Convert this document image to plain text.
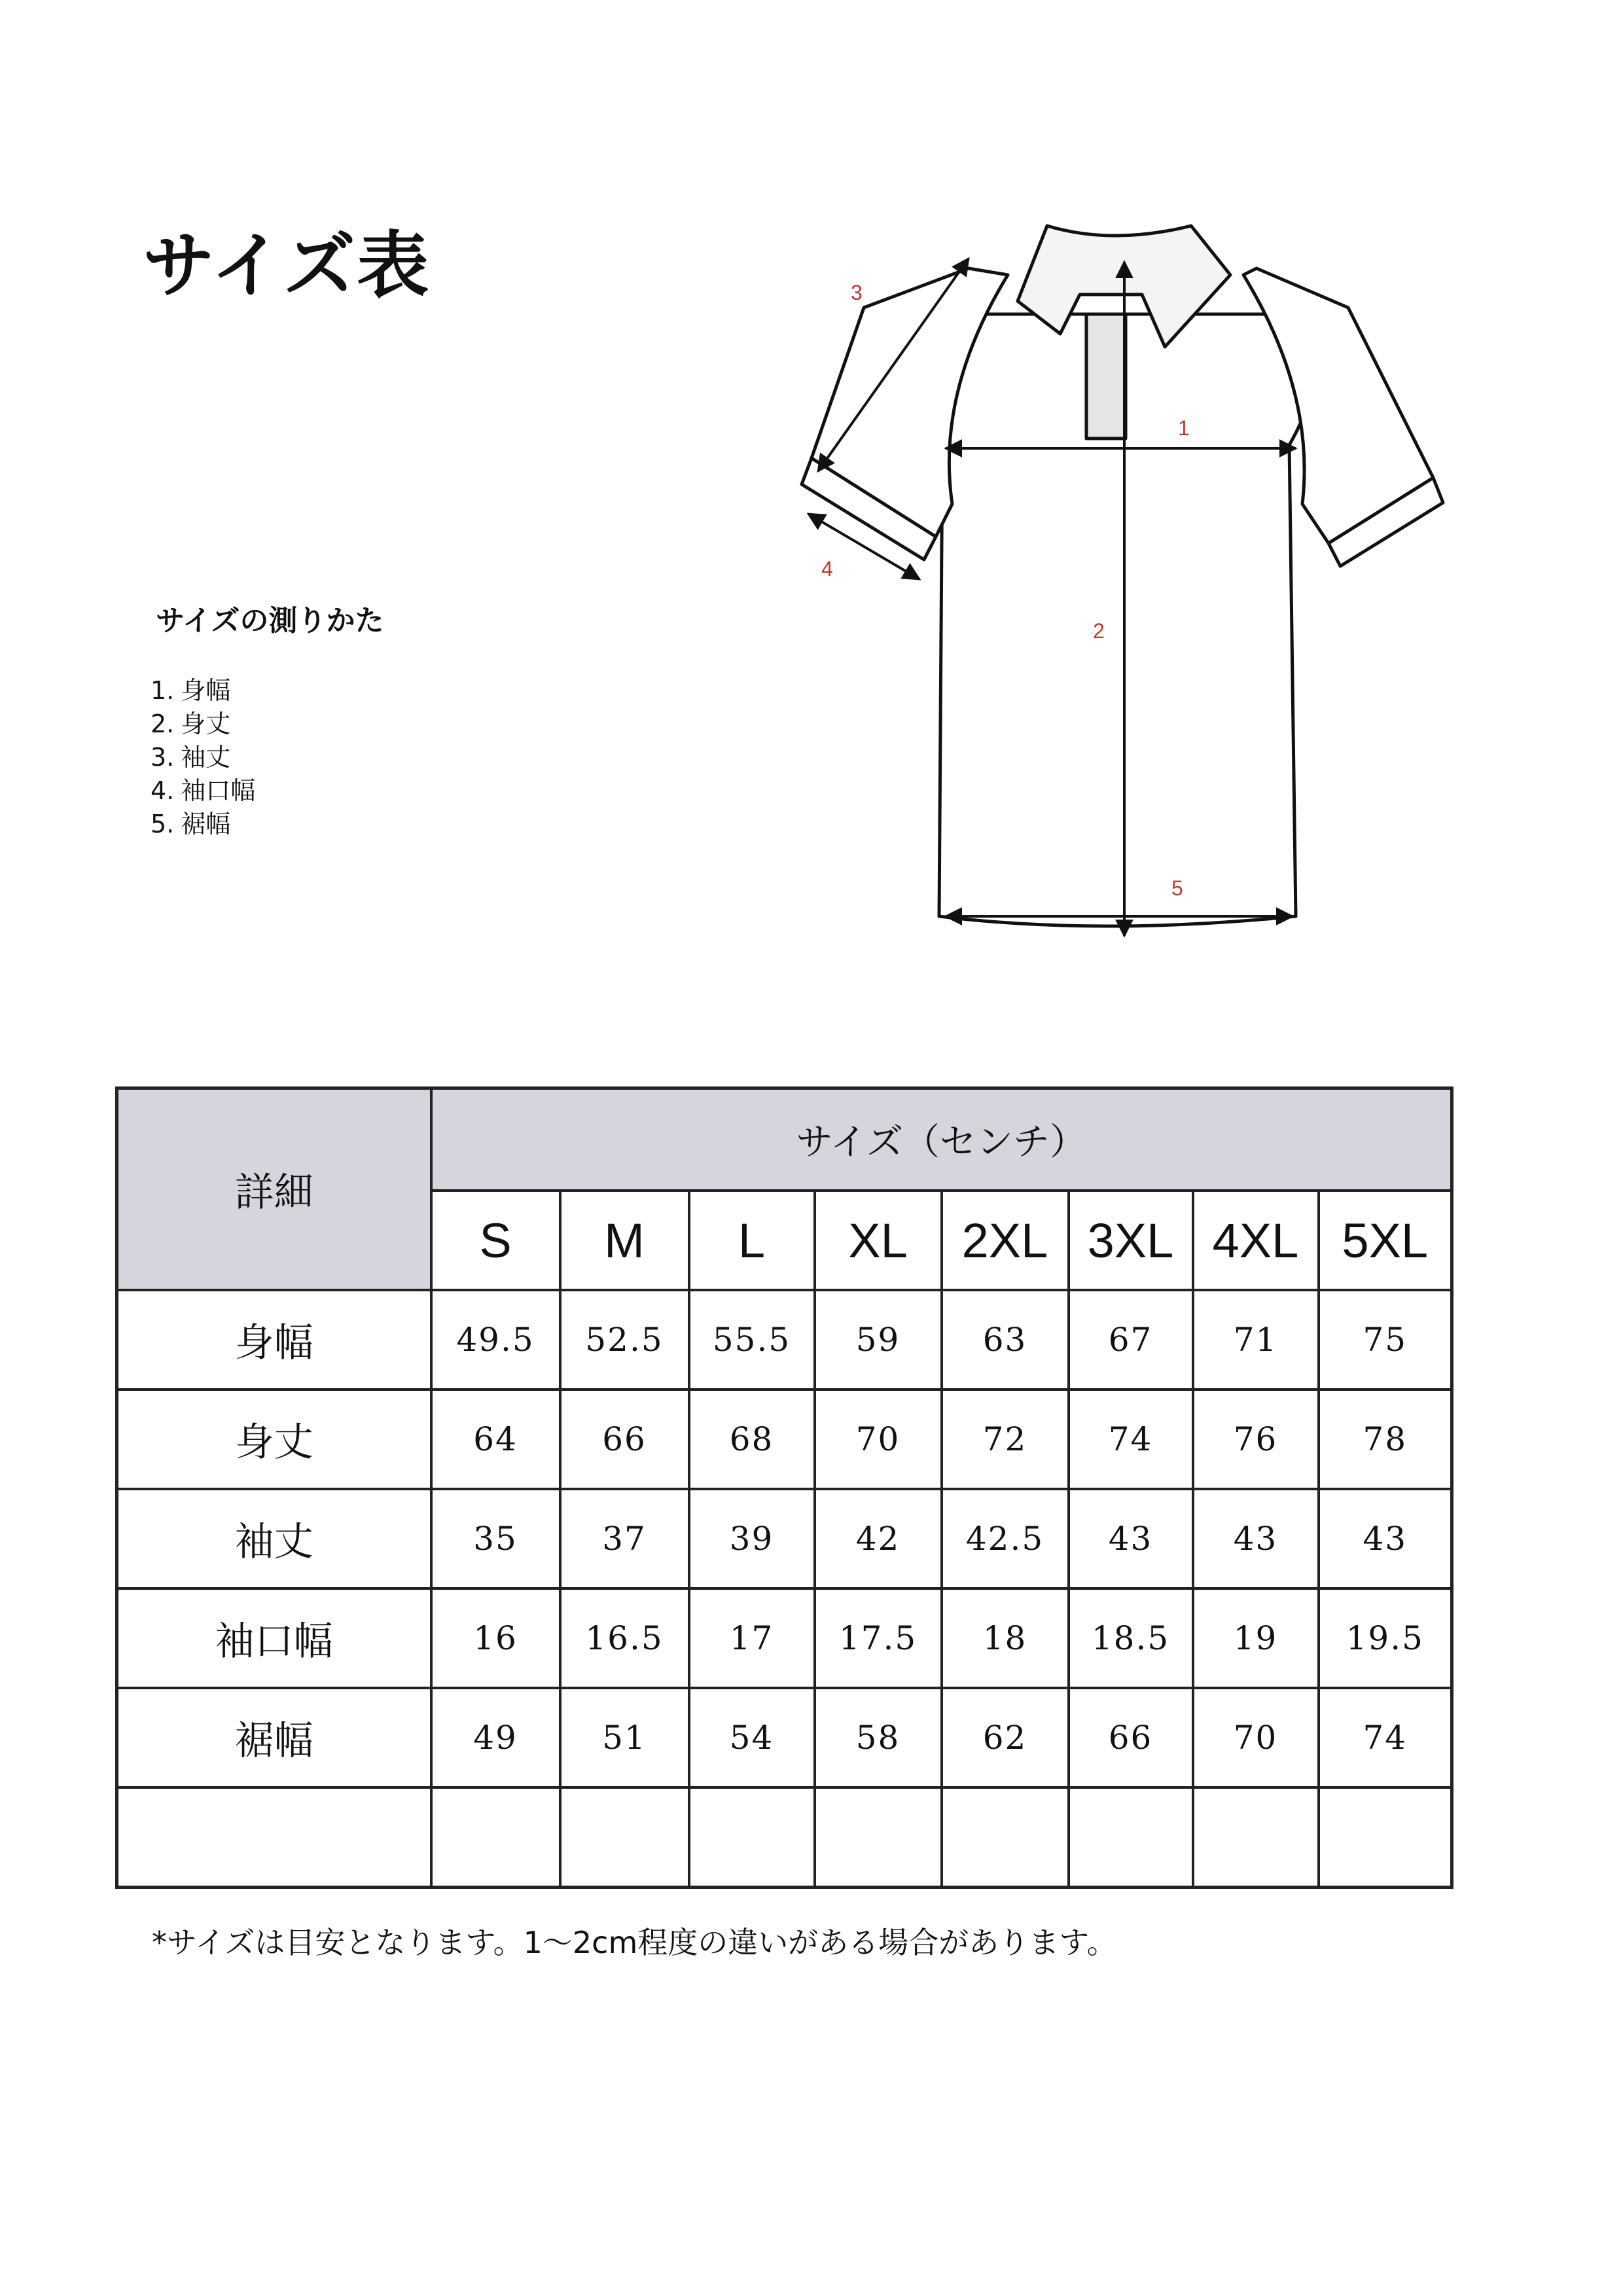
サイズ表
サイズの測りかた
1. 身幅
2. 身丈
3. 袖丈
4. 袖口幅
5. 裾幅
1
2
3
4
5
詳細	サイズ（センチ）							
	S	M	L	XL	2XL	3XL	4XL	5XL
身幅	49.5	52.5	55.5	59	63	67	71	75
身丈	64	66	68	70	72	74	76	78
袖丈	35	37	39	42	42.5	43	43	43
袖口幅	16	16.5	17	17.5	18	18.5	19	19.5
裾幅	49	51	54	58	62	66	70	74

*サイズは目安となります。1～2cm程度の違いがある場合があります。
